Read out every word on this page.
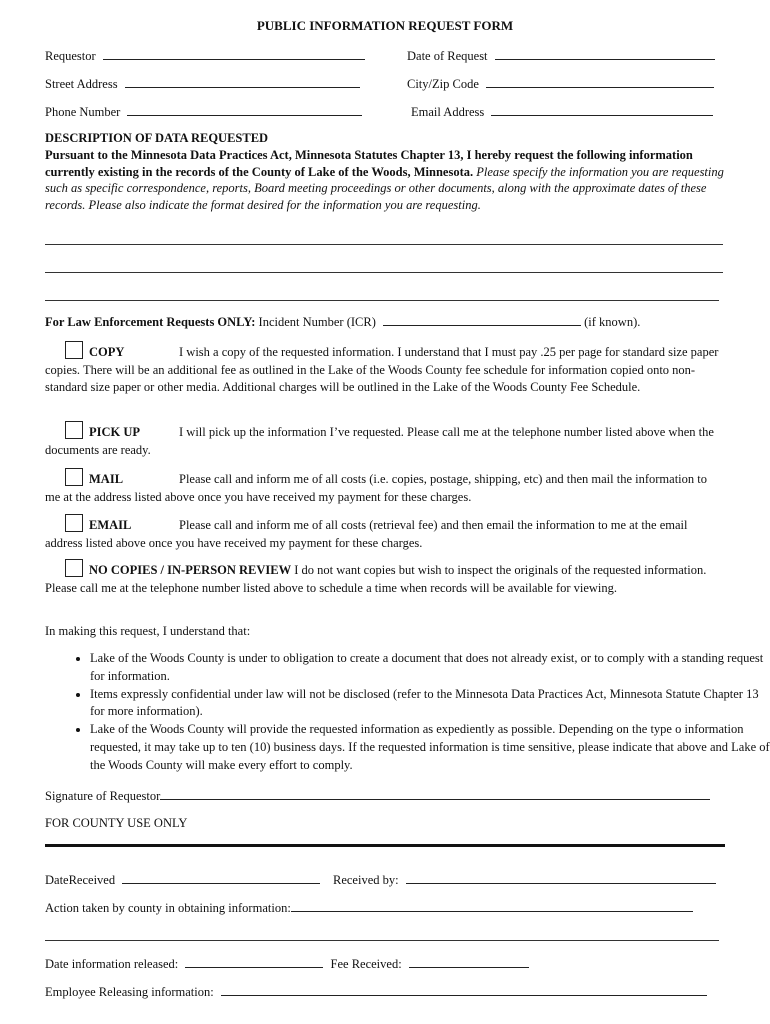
PUBLIC INFORMATION REQUEST FORM
Requestor	Date of Request
Street Address	City/Zip Code
Phone Number	Email Address
DESCRIPTION OF DATA REQUESTED
Pursuant to the Minnesota Data Practices Act, Minnesota Statutes Chapter 13, I hereby request the following information currently existing in the records of the County of Lake of the Woods, Minnesota. Please specify the information you are requesting such as specific correspondence, reports, Board meeting proceedings or other documents, along with the approximate dates of these records. Please also indicate the format desired for the information you are requesting.
For Law Enforcement Requests ONLY: Incident Number (ICR)	(if known).
COPY	I wish a copy of the requested information. I understand that I must pay .25 per page for standard size paper copies. There will be an additional fee as outlined in the Lake of the Woods County fee schedule for information copied onto non-standard size paper or other media. Additional charges will be outlined in the Lake of the Woods County Fee Schedule.
PICK UP	I will pick up the information I’ve requested. Please call me at the telephone number listed above when the documents are ready.
MAIL	Please call and inform me of all costs (i.e. copies, postage, shipping, etc) and then mail the information to me at the address listed above once you have received my payment for these charges.
EMAIL	Please call and inform me of all costs (retrieval fee) and then email the information to me at the email address listed above once you have received my payment for these charges.
NO COPIES / IN-PERSON REVIEW I do not want copies but wish to inspect the originals of the requested information. Please call me at the telephone number listed above to schedule a time when records will be available for viewing.
In making this request, I understand that:
• Lake of the Woods County is under to obligation to create a document that does not already exist, or to comply with a standing request for information.
• Items expressly confidential under law will not be disclosed (refer to the Minnesota Data Practices Act, Minnesota Statute Chapter 13 for more information).
• Lake of the Woods County will provide the requested information as expediently as possible. Depending on the type o information requested, it may take up to ten (10) business days. If the requested information is time sensitive, please indicate that above and Lake of the Woods County will make every effort to comply.
Signature of Requestor
FOR COUNTY USE ONLY
DateReceived	Received by:
Action taken by county in obtaining information:
Date information released:	Fee Received:
Employee Releasing information:
